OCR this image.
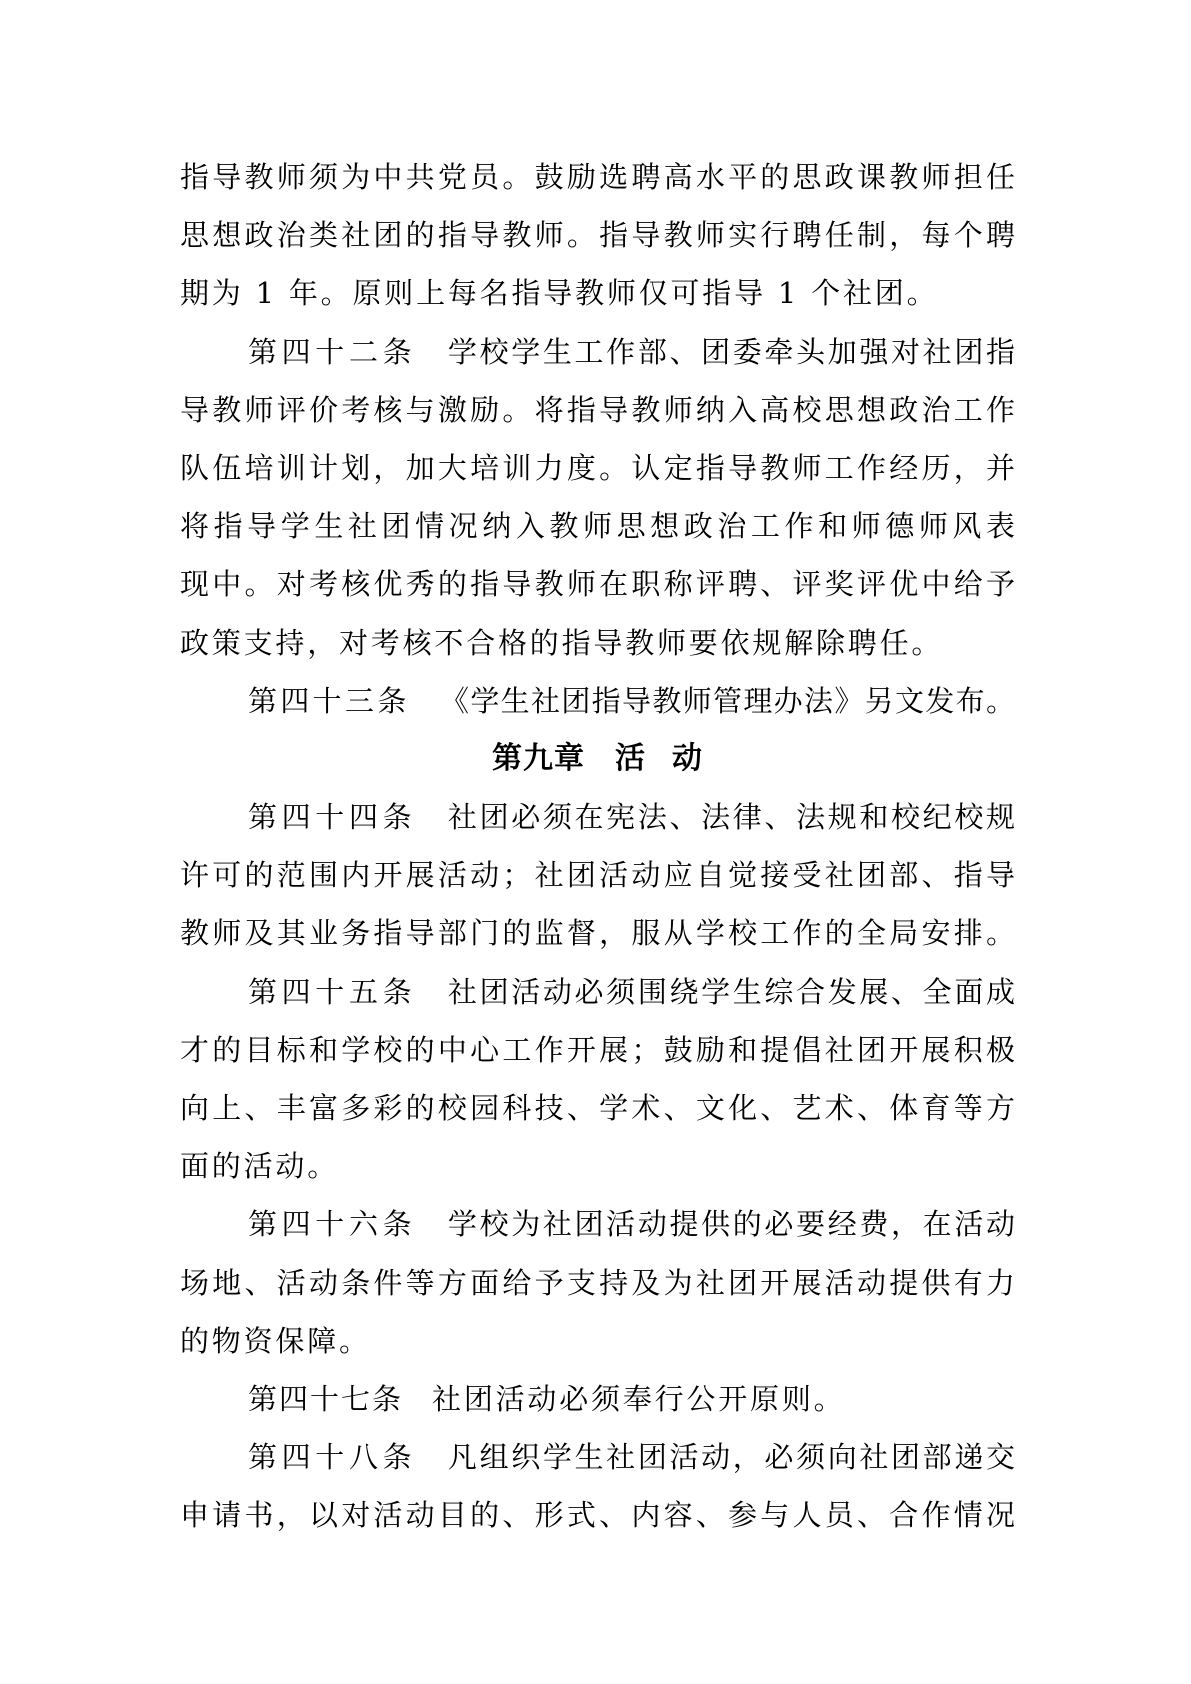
指导教师须为中共党员。鼓励选聘高水平的思政课教师担任
思想政治类社团的指导教师。指导教师实行聘任制，每个聘
期为 1 年。原则上每名指导教师仅可指导 1 个社团。
第四十二条 学校学生工作部、团委牵头加强对社团指
导教师评价考核与激励。将指导教师纳入高校思想政治工作
队伍培训计划，加大培训力度。认定指导教师工作经历，并
将指导学生社团情况纳入教师思想政治工作和师德师风表
现中。对考核优秀的指导教师在职称评聘、评奖评优中给予
政策支持，对考核不合格的指导教师要依规解除聘任。
第四十三条 《学生社团指导教师管理办法》另文发布。
第九章 活 动
第四十四条 社团必须在宪法、法律、法规和校纪校规
许可的范围内开展活动；社团活动应自觉接受社团部、指导
教师及其业务指导部门的监督，服从学校工作的全局安排。
第四十五条 社团活动必须围绕学生综合发展、全面成
才的目标和学校的中心工作开展；鼓励和提倡社团开展积极
向上、丰富多彩的校园科技、学术、文化、艺术、体育等方
面的活动。
第四十六条 学校为社团活动提供的必要经费，在活动
场地、活动条件等方面给予支持及为社团开展活动提供有力
的物资保障。
第四十七条 社团活动必须奉行公开原则。
第四十八条 凡组织学生社团活动，必须向社团部递交
申请书，以对活动目的、形式、内容、参与人员、合作情况
